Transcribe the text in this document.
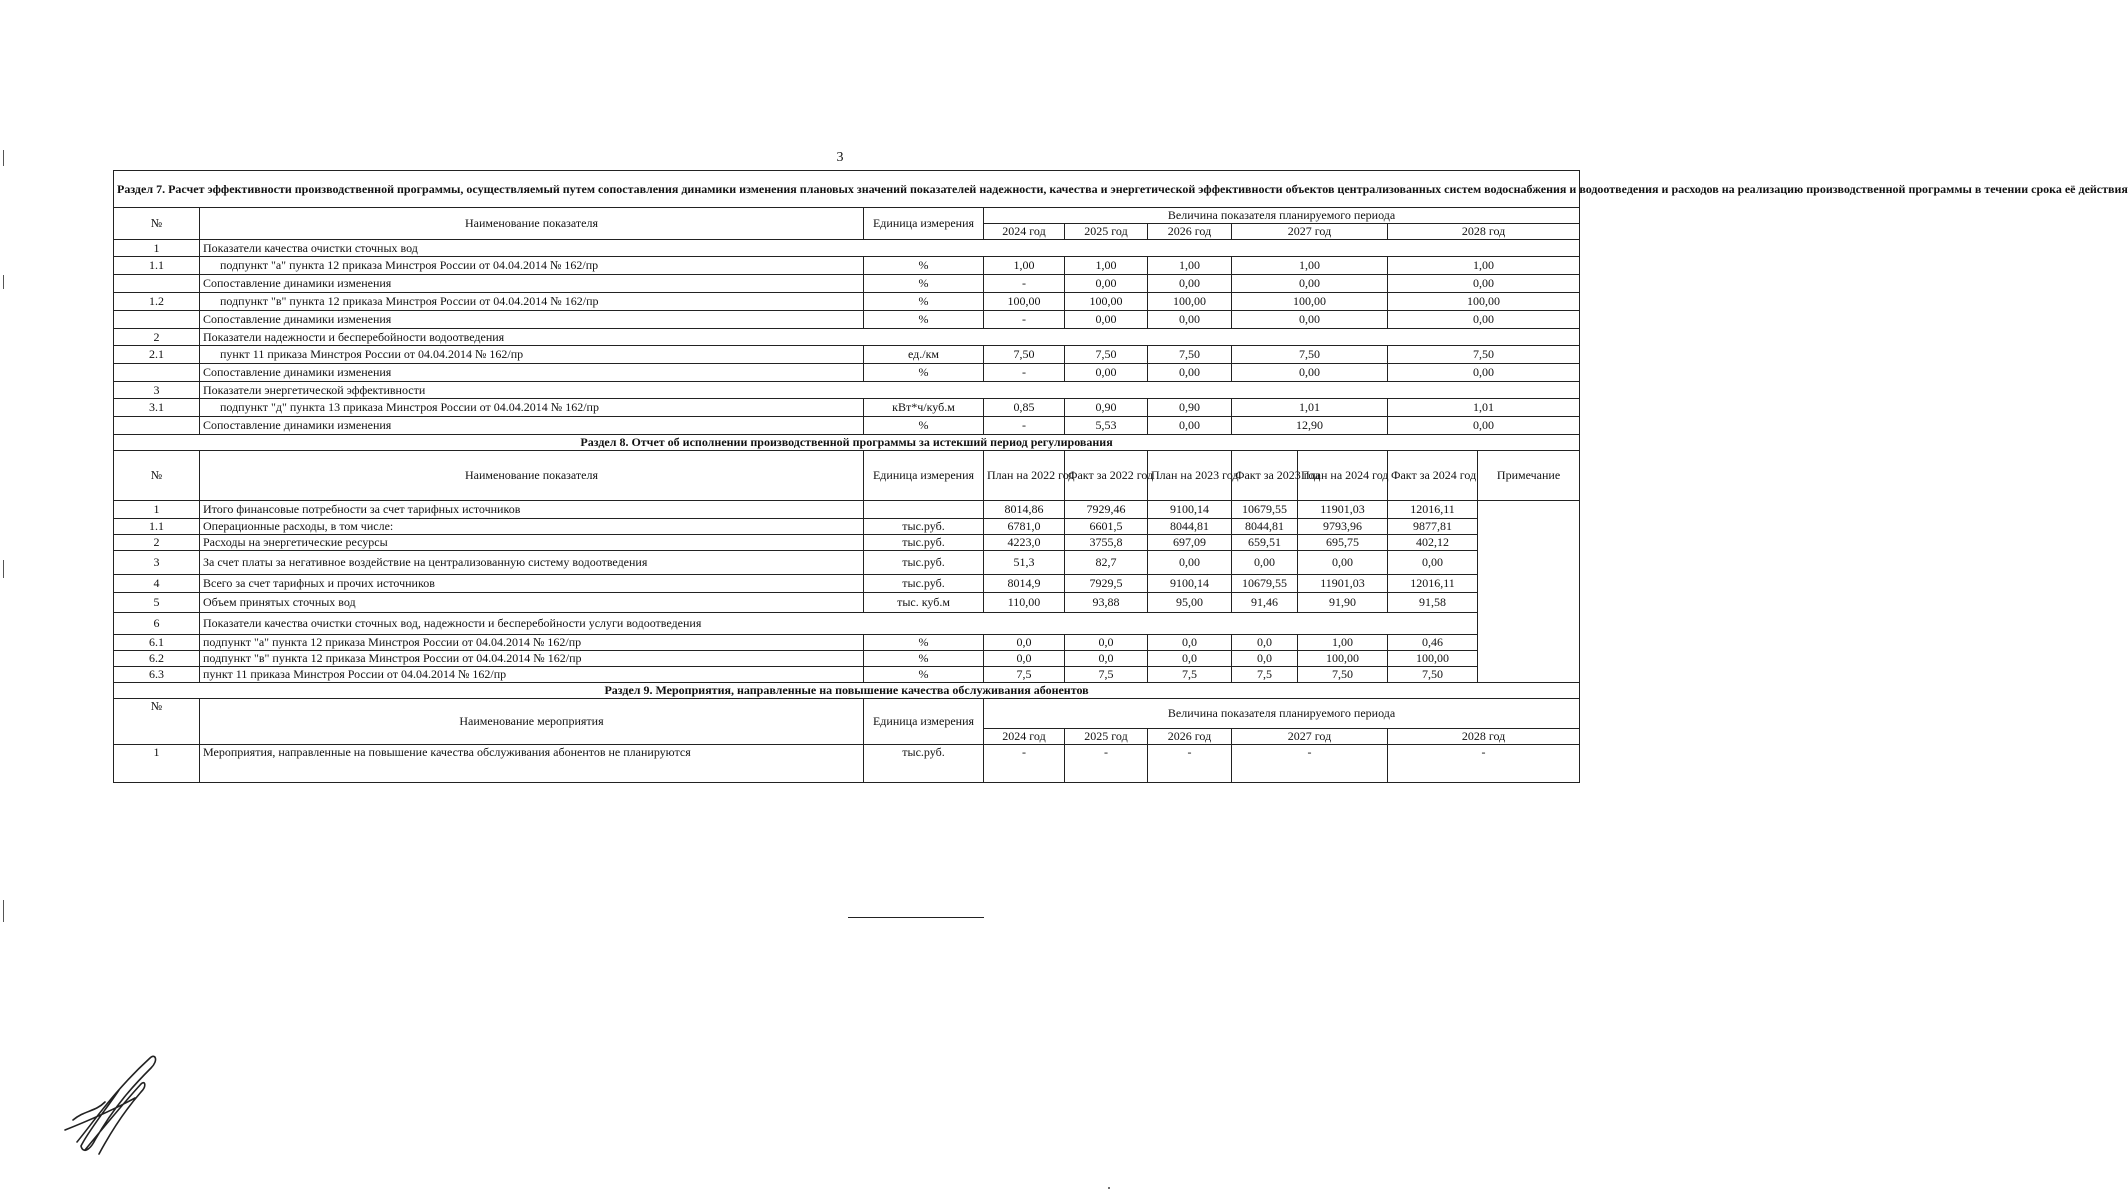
3
Раздел 7. Расчет эффективности производственной программы, осуществляемый путем сопоставления динамики изменения плановых значений показателей надежности, качества и энергетической эффективности объектов централизованных систем водоснабжения и водоотведения и расходов на реализацию производственной программы в течении срока её действия									
№	Наименование показателя	Единица измерения	Величина показателя планируемого периода						
			2024 год	2025 год	2026 год	2027 год		2028 год	
1	Показатели качества очистки сточных вод								
1.1	подпункт "а" пункта 12 приказа Минстроя России от 04.04.2014 № 162/пр	%	1,00	1,00	1,00	1,00		1,00	
	Сопоставление динамики изменения	%	-	0,00	0,00	0,00		0,00	
1.2	подпункт "в" пункта 12 приказа Минстроя России от 04.04.2014 № 162/пр	%	100,00	100,00	100,00	100,00		100,00	
	Сопоставление динамики изменения	%	-	0,00	0,00	0,00		0,00	
2	Показатели надежности и бесперебойности водоотведения								
2.1	пункт 11 приказа Минстроя России от 04.04.2014 № 162/пр	ед./км	7,50	7,50	7,50	7,50		7,50	
	Сопоставление динамики изменения	%	-	0,00	0,00	0,00		0,00	
3	Показатели энергетической эффективности								
3.1	подпункт "д" пункта 13 приказа Минстроя России от 04.04.2014 № 162/пр	кВт*ч/куб.м	0,85	0,90	0,90	1,01		1,01	
	Сопоставление динамики изменения	%	-	5,53	0,00	12,90		0,00	
Раздел 8. Отчет об исполнении производственной программы за истекший период регулирования									
№	Наименование показателя	Единица измерения	План на 2022 год	Факт за 2022 год	План на 2023 год	Факт за 2023 год	План на 2024 год	Факт за 2024 год	Примечание
1	Итого финансовые потребности за счет тарифных источников		8014,86	7929,46	9100,14	10679,55	11901,03	12016,11	
1.1	Операционные расходы, в том числе:	тыс.руб.	6781,0	6601,5	8044,81	8044,81	9793,96	9877,81	
2	Расходы на энергетические ресурсы	тыс.руб.	4223,0	3755,8	697,09	659,51	695,75	402,12	
3	За счет платы за негативное воздействие на централизованную систему водоотведения	тыс.руб.	51,3	82,7	0,00	0,00	0,00	0,00	
4	Всего за счет тарифных и прочих источников	тыс.руб.	8014,9	7929,5	9100,14	10679,55	11901,03	12016,11	
5	Объем принятых сточных вод	тыс. куб.м	110,00	93,88	95,00	91,46	91,90	91,58	
6	Показатели качества очистки сточных вод, надежности и бесперебойности услуги водоотведения								
6.1	подпункт "а" пункта 12 приказа Минстроя России от 04.04.2014 № 162/пр	%	0,0	0,0	0,0	0,0	1,00	0,46	
6.2	подпункт "в" пункта 12 приказа Минстроя России от 04.04.2014 № 162/пр	%	0,0	0,0	0,0	0,0	100,00	100,00	
6.3	пункт 11 приказа Минстроя России от 04.04.2014 № 162/пр	%	7,5	7,5	7,5	7,5	7,50	7,50	
Раздел 9. Мероприятия, направленные на повышение качества обслуживания абонентов									
№	Наименование мероприятия	Единица измерения	Величина показателя планируемого периода						
			2024 год	2025 год	2026 год	2027 год		2028 год	
1	Мероприятия, направленные на повышение качества обслуживания абонентов не планируются	тыс.руб.	-	-	-	-		-	
